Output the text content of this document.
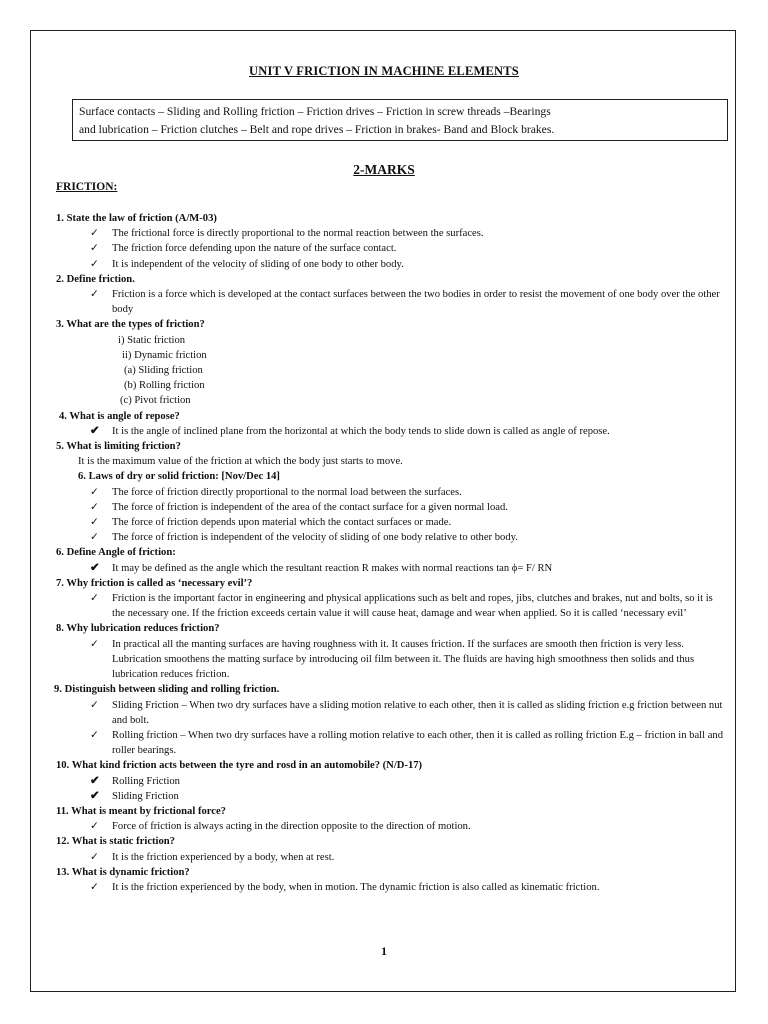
UNIT V FRICTION IN MACHINE ELEMENTS
Surface contacts – Sliding and Rolling friction – Friction drives – Friction in screw threads –Bearings
and lubrication – Friction clutches – Belt and rope drives – Friction in brakes- Band and Block brakes.
2-MARKS
FRICTION:

1. State the law of friction (A/M-03)

✓ The frictional force is directly proportional to the normal reaction between the surfaces.

✓ The friction force defending upon the nature of the surface contact.

✓ It is independent of the velocity of sliding of one body to other body.

2. Define friction.

✓ Friction is a force which is developed at the contact surfaces between the two bodies in order to resist the movement of one body over the other body

3. What are the types of friction?

i) Static friction
ii) Dynamic friction
(a) Sliding friction
(b) Rolling friction
(c) Pivot friction

4. What is angle of repose?

✔ It is the angle of inclined plane from the horizontal at which the body tends to slide down is called as angle of repose.

5. What is limiting friction?

It is the maximum value of the friction at which the body just starts to move.

6. Laws of dry or solid friction: [Nov/Dec 14]

✓ The force of friction directly proportional to the normal load between the surfaces.

✓ The force of friction is independent of the area of the contact surface for a given normal load.

✓ The force of friction depends upon material which the contact surfaces or made.

✓ The force of friction is independent of the velocity of sliding of one body relative to other body.

6. Define Angle of friction:

✔ It may be defined as the angle which the resultant reaction R makes with normal reactions tan ϕ= F/ RN

7. Why friction is called as ‘necessary evil’?

✓ Friction is the important factor in engineering and physical applications such as belt and ropes, jibs, clutches and brakes, nut and bolts, so it is the necessary one. If the friction exceeds certain value it will cause heat, damage and wear when applied. So it is called ‘necessary evil’

8. Why lubrication reduces friction?

✓ In practical all the manting surfaces are having roughness with it. It causes friction. If the surfaces are smooth then friction is very less. Lubrication smoothens the matting surface by introducing oil film between it. The fluids are having high smoothness then solids and thus lubrication reduces friction.

9. Distinguish between sliding and rolling friction.

✓ Sliding Friction – When two dry surfaces have a sliding motion relative to each other, then it is called as sliding friction e.g friction between nut and bolt.

✓ Rolling friction – When two dry surfaces have a rolling motion relative to each other, then it is called as rolling friction E.g – friction in ball and roller bearings.

10. What kind friction acts between the tyre and rosd in an automobile? (N/D-17)

✔ Rolling Friction

✔ Sliding Friction

11. What is meant by frictional force?

✓ Force of friction is always acting in the direction opposite to the direction of motion.

12. What is static friction?

✓ It is the friction experienced by a body, when at rest.

13. What is dynamic friction?

✓ It is the friction experienced by the body, when in motion. The dynamic friction is also called as kinematic friction.

1
